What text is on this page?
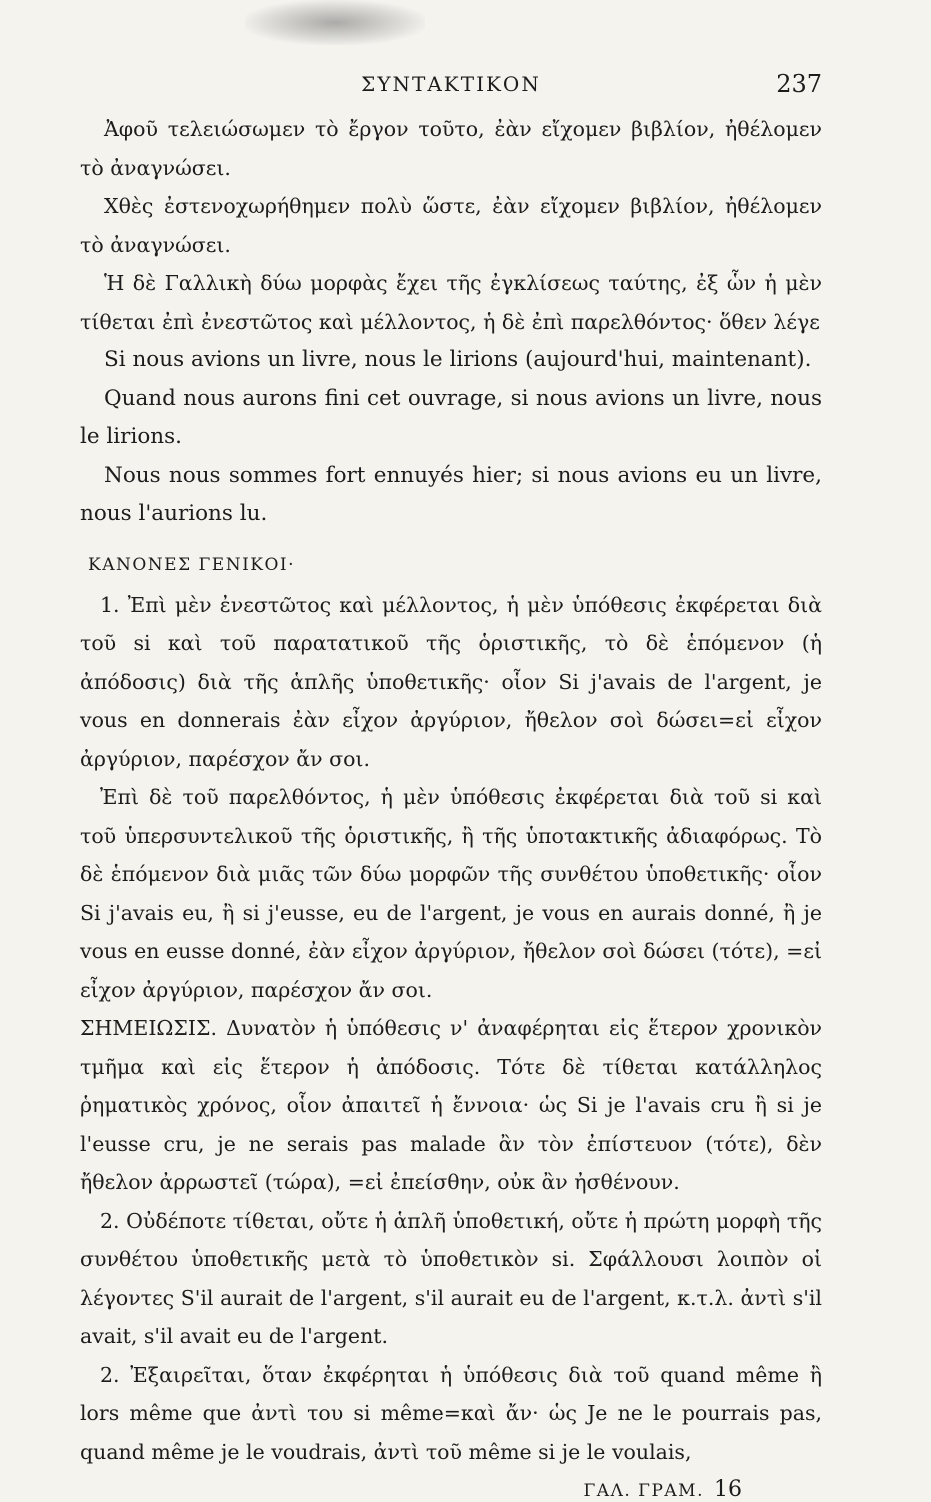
ΣΥΝΤΑΚΤΙΚΟΝ	237

Ἀφοῦ τελειώσωμεν τὸ ἔργον τοῦτο, ἐὰν εἴχομεν βιβλίον, ἠθέλομεν τὸ ἀναγνώσει.

Χθὲς ἐστενοχωρήθημεν πολὺ ὥστε, ἐὰν εἴχομεν βιβλίον, ἠθέλομεν τὸ ἀναγνώσει.

Ἡ δὲ Γαλλικὴ δύω μορφὰς ἔχει τῆς ἐγκλίσεως ταύτης, ἐξ ὧν ἡ μὲν τίθεται ἐπὶ ἐνεστῶτος καὶ μέλλοντος, ἡ δὲ ἐπὶ παρελθόντος· ὅθεν λέγε

Si nous avions un livre, nous le lirions (aujourd'hui, maintenant).

Quand nous aurons fini cet ouvrage, si nous avions un livre, nous le lirions.

Nous nous sommes fort ennuyés hier; si nous avions eu un livre, nous l'aurions lu.

ΚΑΝΟΝΕΣ ΓΕΝΙΚΟΙ·

1. Ἐπὶ μὲν ἐνεστῶτος καὶ μέλλοντος, ἡ μὲν ὑπόθεσις ἐκφέρεται διὰ τοῦ si καὶ τοῦ παρατατικοῦ τῆς ὁριστικῆς, τὸ δὲ ἑπόμενον (ἡ ἀπόδοσις) διὰ τῆς ἁπλῆς ὑποθετικῆς· οἷον Si j'avais de l'argent, je vous en donnerais ἐὰν εἶχον ἀργύριον, ἤθελον σοὶ δώσει=εἰ εἶχον ἀργύριον, παρέσχον ἄν σοι.

Ἐπὶ δὲ τοῦ παρελθόντος, ἡ μὲν ὑπόθεσις ἐκφέρεται διὰ τοῦ si καὶ τοῦ ὑπερσυντελικοῦ τῆς ὁριστικῆς, ἢ τῆς ὑποτακτικῆς ἀδιαφόρως. Τὸ δὲ ἑπόμενον διὰ μιᾶς τῶν δύω μορφῶν τῆς συνθέτου ὑποθετικῆς· οἷον Si j'avais eu, ἢ si j'eusse, eu de l'argent, je vous en aurais donné, ἢ je vous en eusse donné, ἐὰν εἶχον ἀργύριον, ἤθελον σοὶ δώσει (τότε), =εἰ εἶχον ἀργύριον, παρέσχον ἄν σοι.

ΣΗΜΕΙΩΣΙΣ. Δυνατὸν ἡ ὑπόθεσις ν' ἀναφέρηται εἰς ἕτερον χρονικὸν τμῆμα καὶ εἰς ἕτερον ἡ ἀπόδοσις. Τότε δὲ τίθεται κατάλληλος ῥηματικὸς χρόνος, οἷον ἀπαιτεῖ ἡ ἔννοια· ὡς Si je l'avais cru ἢ si je l'eusse cru, je ne serais pas malade ἂν τὸν ἐπίστευον (τότε), δὲν ἤθελον ἀρρωστεῖ (τώρα), =εἰ ἐπείσθην, οὐκ ἂν ἠσθένουν.

2. Οὐδέποτε τίθεται, οὔτε ἡ ἁπλῆ ὑποθετική, οὔτε ἡ πρώτη μορφὴ τῆς συνθέτου ὑποθετικῆς μετὰ τὸ ὑποθετικὸν si. Σφάλλουσι λοιπὸν οἱ λέγοντες S'il aurait de l'argent, s'il aurait eu de l'argent, κ.τ.λ. ἀντὶ s'il avait, s'il avait eu de l'argent.

2. Ἐξαιρεῖται, ὅταν ἐκφέρηται ἡ ὑπόθεσις διὰ τοῦ quand même ἢ lors même que ἀντὶ του si même=καὶ ἄν· ὡς Je ne le pourrais pas, quand même je le voudrais, ἀντὶ τοῦ même si je le voulais,

ΓΑΛ. ΓΡΑΜ. 16
